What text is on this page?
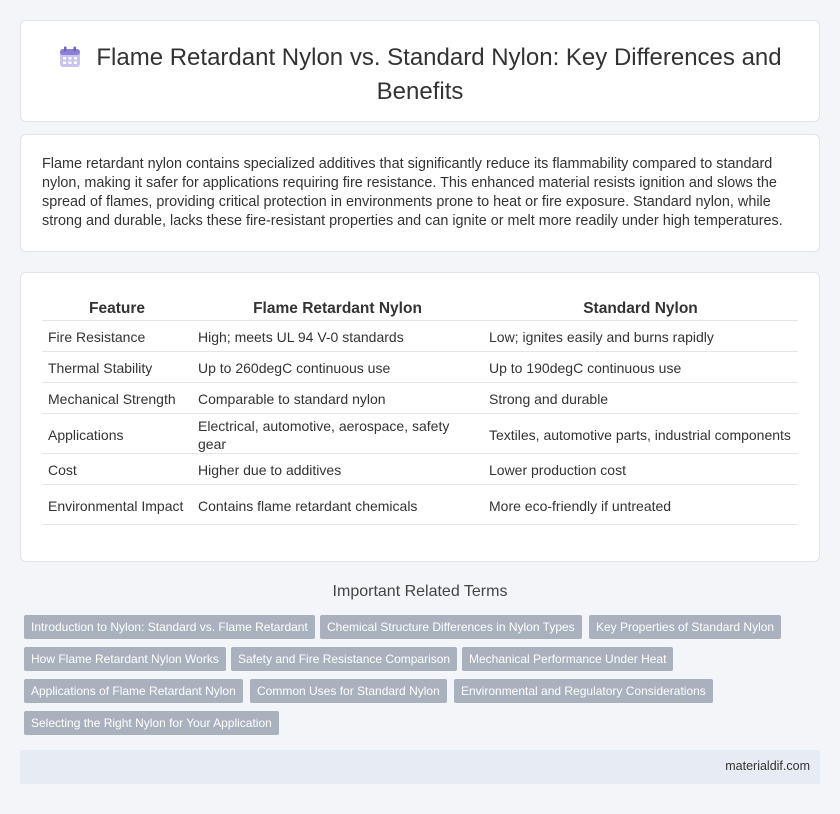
Flame Retardant Nylon vs. Standard Nylon: Key Differences and Benefits

Flame retardant nylon contains specialized additives that significantly reduce its flammability compared to standard nylon, making it safer for applications requiring fire resistance. This enhanced material resists ignition and slows the spread of flames, providing critical protection in environments prone to heat or fire exposure. Standard nylon, while strong and durable, lacks these fire-resistant properties and can ignite or melt more readily under high temperatures.

Feature	Flame Retardant Nylon	Standard Nylon
Fire Resistance	High; meets UL 94 V-0 standards	Low; ignites easily and burns rapidly
Thermal Stability	Up to 260degC continuous use	Up to 190degC continuous use
Mechanical Strength	Comparable to standard nylon	Strong and durable
Applications	Electrical, automotive, aerospace, safety gear	Textiles, automotive parts, industrial components
Cost	Higher due to additives	Lower production cost
Environmental Impact	Contains flame retardant chemicals	More eco-friendly if untreated
Important Related Terms
Introduction to Nylon: Standard vs. Flame Retardant	Chemical Structure Differences in Nylon Types	Key Properties of Standard Nylon
How Flame Retardant Nylon Works	Safety and Fire Resistance Comparison	Mechanical Performance Under Heat
Applications of Flame Retardant Nylon	Common Uses for Standard Nylon	Environmental and Regulatory Considerations
Selecting the Right Nylon for Your Application
materialdif.com
